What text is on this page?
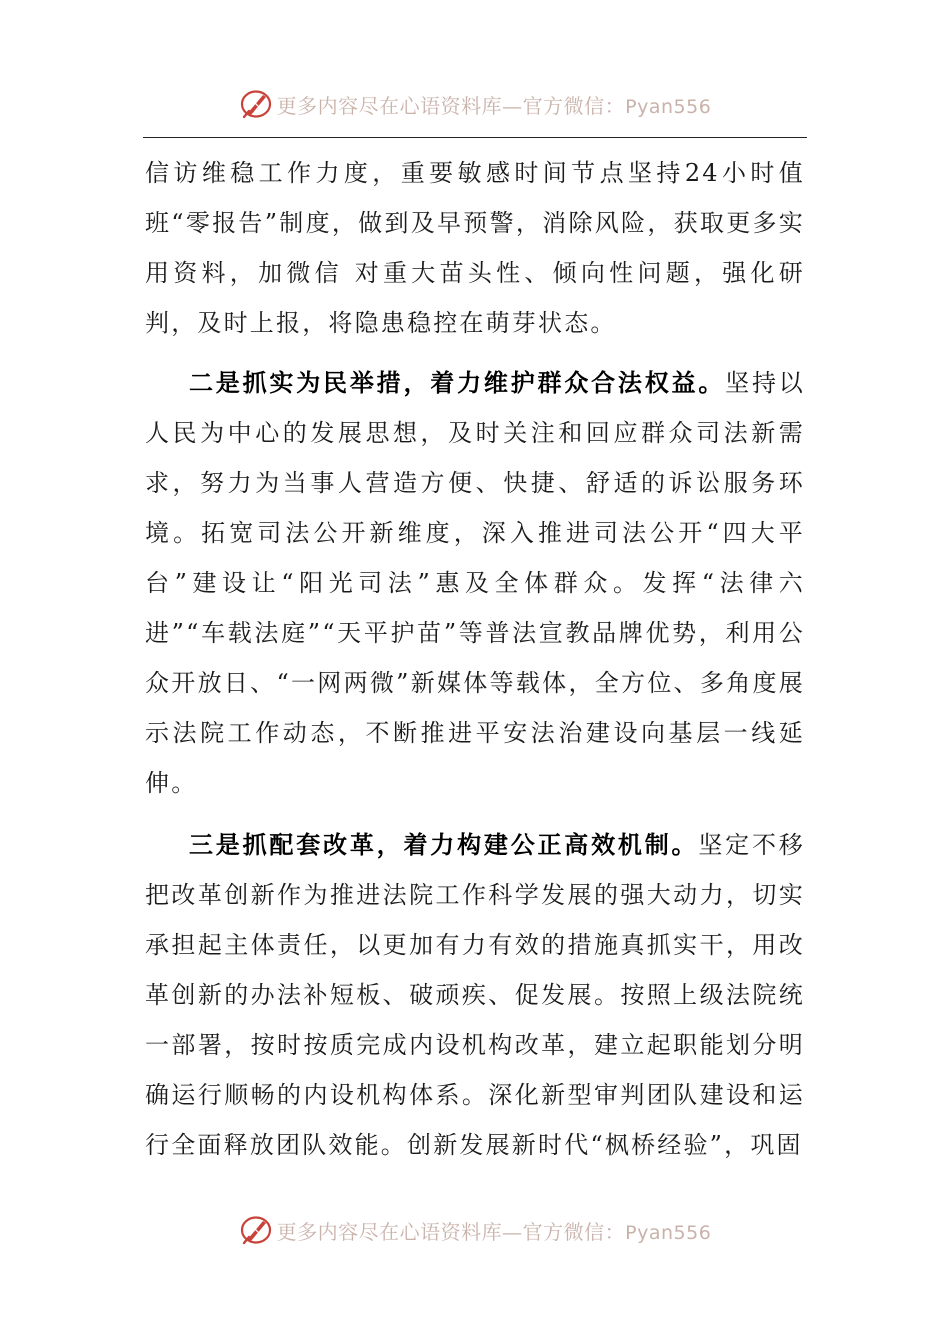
更多内容尽在心语资料库—官方微信：Pyan556

信访维稳工作力度，重要敏感时间节点坚持24小时值班“零报告”制度，做到及早预警，消除风险，获取更多实用资料，加微信 对重大苗头性、倾向性问题，强化研判，及时上报，将隐患稳控在萌芽状态。

二是抓实为民举措，着力维护群众合法权益。坚持以人民为中心的发展思想，及时关注和回应群众司法新需求，努力为当事人营造方便、快捷、舒适的诉讼服务环境。拓宽司法公开新维度，深入推进司法公开“四大平台”建设让“阳光司法”惠及全体群众。发挥“法律六进”“车载法庭”“天平护苗”等普法宣教品牌优势，利用公众开放日、“一网两微”新媒体等载体，全方位、多角度展示法院工作动态，不断推进平安法治建设向基层一线延伸。

三是抓配套改革，着力构建公正高效机制。坚定不移把改革创新作为推进法院工作科学发展的强大动力，切实承担起主体责任，以更加有力有效的措施真抓实干，用改革创新的办法补短板、破顽疾、促发展。按照上级法院统一部署，按时按质完成内设机构改革，建立起职能划分明确运行顺畅的内设机构体系。深化新型审判团队建设和运行全面释放团队效能。创新发展新时代“枫桥经验”，巩固

更多内容尽在心语资料库—官方微信：Pyan556
